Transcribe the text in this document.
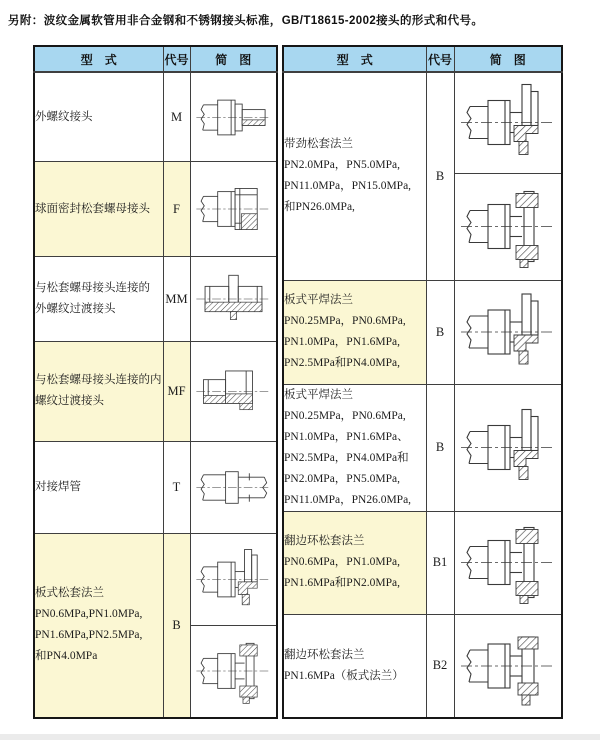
另附：波纹金属软管用非合金钢和不锈钢接头标准，GB/T18615-2002接头的形式和代号。
型　式	代号	简　图

外螺纹接头	M	

球面密封松套螺母接头	F	

与松套螺母接头连接的
外螺纹过渡接头	MM	

与松套螺母接头连接的内
螺纹过渡接头	MF	

对接焊管	T	

板式松套法兰
PN0.6MPa,PN1.0MPa,
PN1.6MPa,PN2.5MPa,
和PN4.0MPa	B	

型　式	代号	简　图

带劲松套法兰
PN2.0MPa，PN5.0MPa,
PN11.0MPa，PN15.0MPa,
和PN26.0MPa,	B	

板式平焊法兰
PN0.25MPa，PN0.6MPa,
PN1.0MPa，PN1.6MPa,
PN2.5MPa和PN4.0MPa,	B	

板式平焊法兰
PN0.25MPa，PN0.6MPa,
PN1.0MPa，PN1.6MPa、
PN2.5MPa，PN4.0MPa和
PN2.0MPa，PN5.0MPa,
PN11.0MPa，PN26.0MPa,
	B	

翻边环松套法兰
PN0.6MPa，PN1.0MPa,
PN1.6MPa和PN2.0MPa,	B1	

翻边环松套法兰
PN1.6MPa（板式法兰）	B2	
